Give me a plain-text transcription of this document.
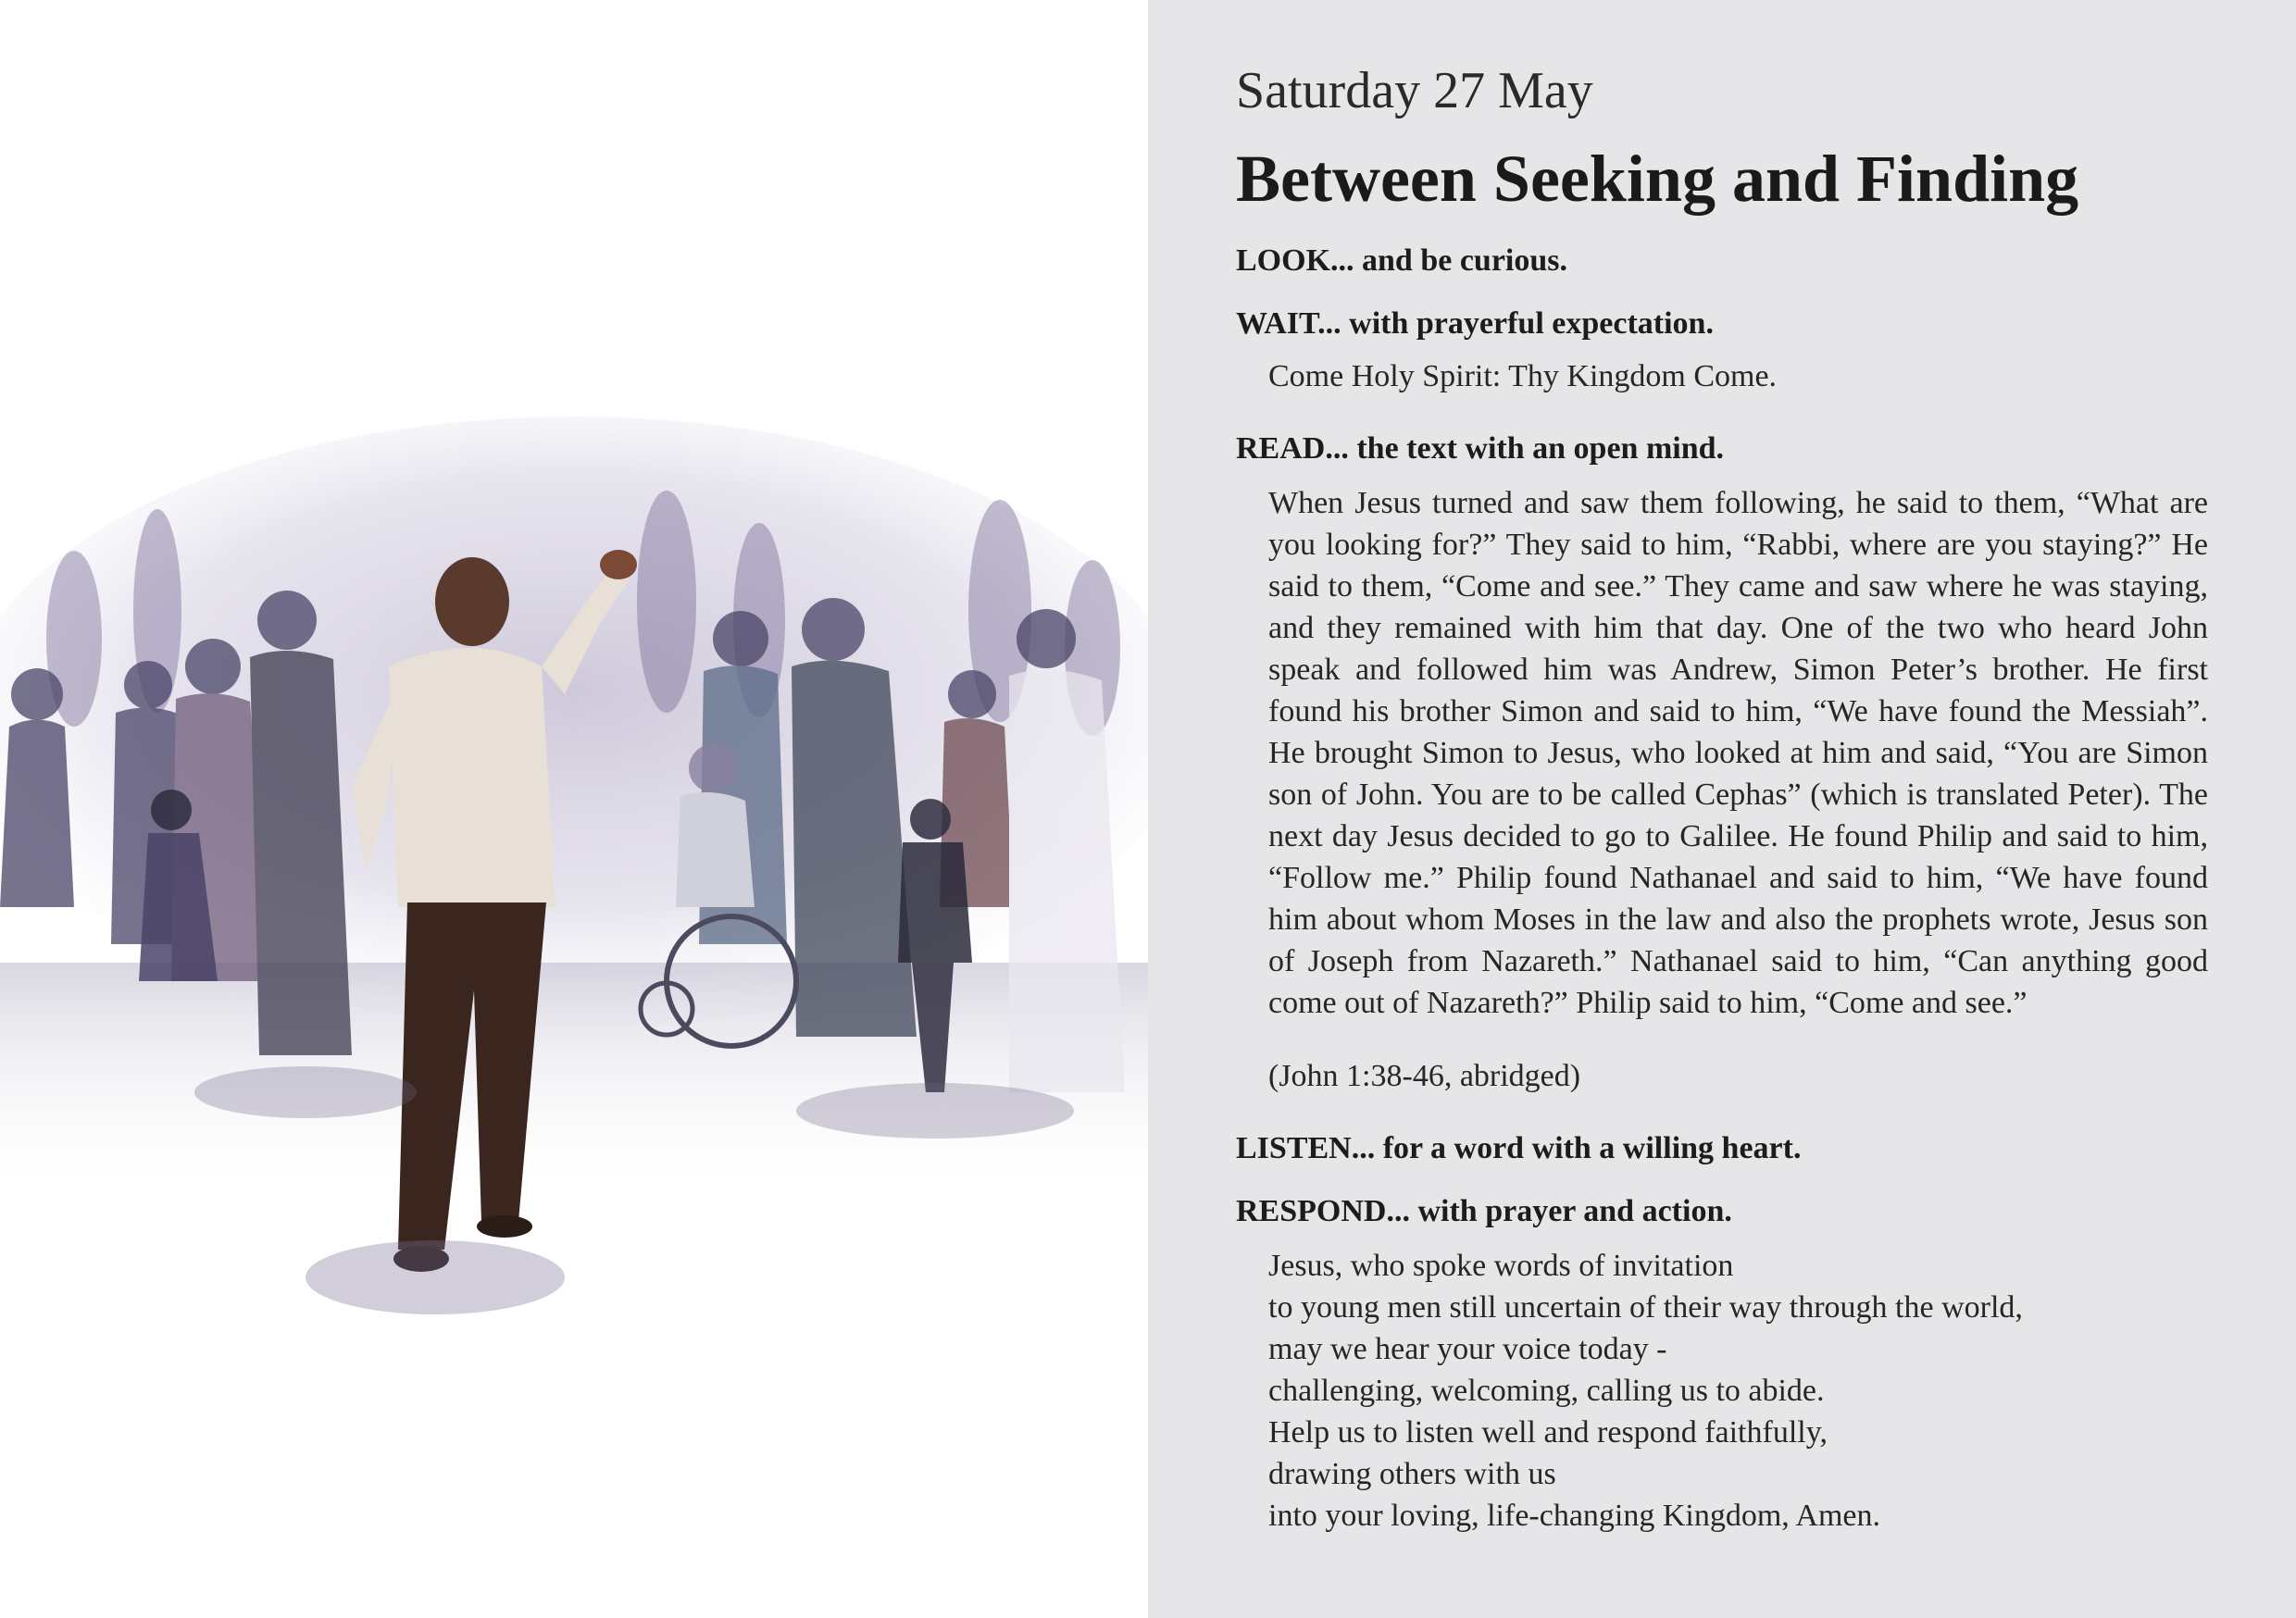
Saturday 27 May
Between Seeking and Finding

LOOK... and be curious.

WAIT... with prayerful expectation.

Come Holy Spirit: Thy Kingdom Come.

READ... the text with an open mind.

When Jesus turned and saw them following, he said to them, “What are you looking for?” They said to him, “Rabbi, where are you staying?” He said to them, “Come and see.” They came and saw where he was staying, and they remained with him that day. One of the two who heard John speak and followed him was Andrew, Simon Peter’s brother. He first found his brother Simon and said to him, “We have found the Messiah”. He brought Simon to Jesus, who looked at him and said, “You are Simon son of John. You are to be called Cephas” (which is translated Peter). The next day Jesus decided to go to Galilee. He found Philip and said to him, “Follow me.” Philip found Nathanael and said to him, “We have found him about whom Moses in the law and also the prophets wrote, Jesus son of Joseph from Nazareth.” Nathanael said to him, “Can anything good come out of Nazareth?” Philip said to him, “Come and see.”

(John 1:38-46, abridged)

LISTEN... for a word with a willing heart.

RESPOND... with prayer and action.

Jesus, who spoke words of invitation
to young men still uncertain of their way through the world,
may we hear your voice today -
challenging, welcoming, calling us to abide.
Help us to listen well and respond faithfully,
drawing others with us
into your loving, life-changing Kingdom, Amen.
